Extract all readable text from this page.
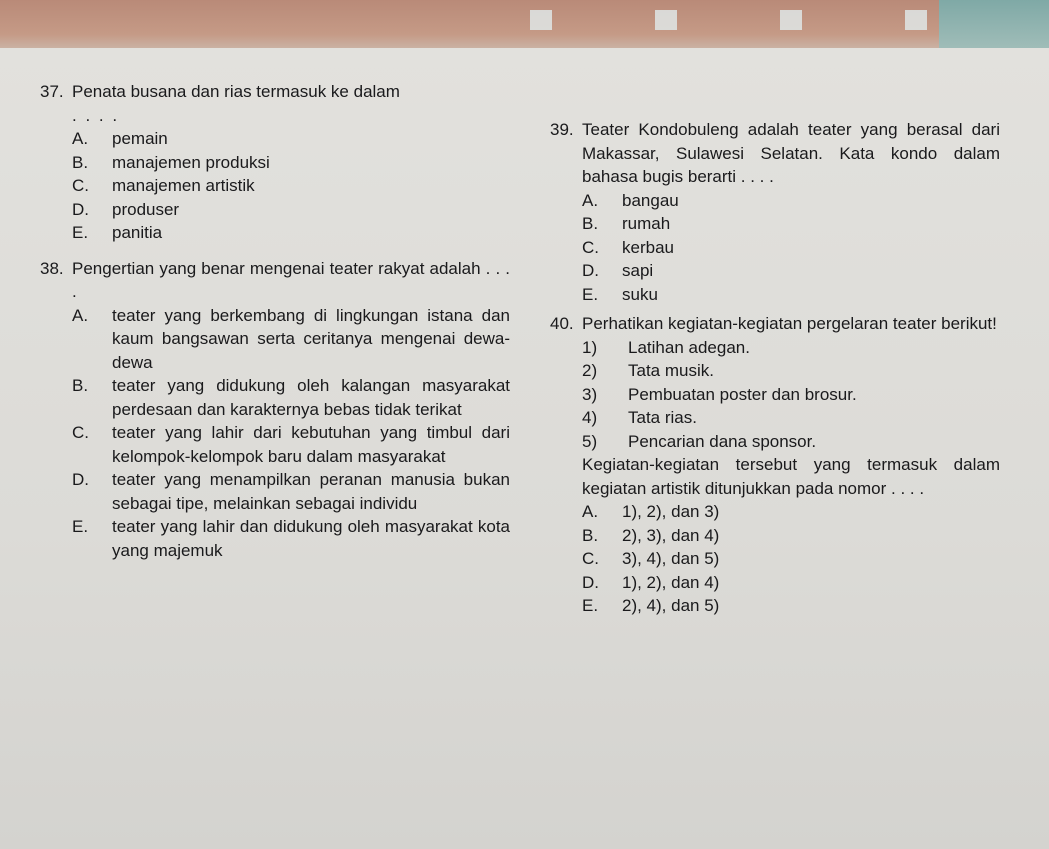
37. Penata busana dan rias termasuk ke dalam
. . . .
A. pemain
B. manajemen produksi
C. manajemen artistik
D. produser
E. panitia
38. Pengertian yang benar mengenai teater rakyat adalah . . . .
A. teater yang berkembang di lingkungan istana dan kaum bangsawan serta ceritanya mengenai dewa-dewa
B. teater yang didukung oleh kalangan masyarakat perdesaan dan karakternya bebas tidak terikat
C. teater yang lahir dari kebutuhan yang timbul dari kelompok-kelompok baru dalam masyarakat
D. teater yang menampilkan peranan manusia bukan sebagai tipe, melainkan sebagai individu
E. teater yang lahir dan didukung oleh masyarakat kota yang majemuk
39. Teater Kondobuleng adalah teater yang berasal dari Makassar, Sulawesi Selatan. Kata kondo dalam bahasa bugis berarti . . . .
A. bangau
B. rumah
C. kerbau
D. sapi
E. suku
40. Perhatikan kegiatan-kegiatan pergelaran teater berikut!
1) Latihan adegan.
2) Tata musik.
3) Pembuatan poster dan brosur.
4) Tata rias.
5) Pencarian dana sponsor.
Kegiatan-kegiatan tersebut yang termasuk dalam kegiatan artistik ditunjukkan pada nomor . . . .
A. 1), 2), dan 3)
B. 2), 3), dan 4)
C. 3), 4), dan 5)
D. 1), 2), dan 4)
E. 2), 4), dan 5)
